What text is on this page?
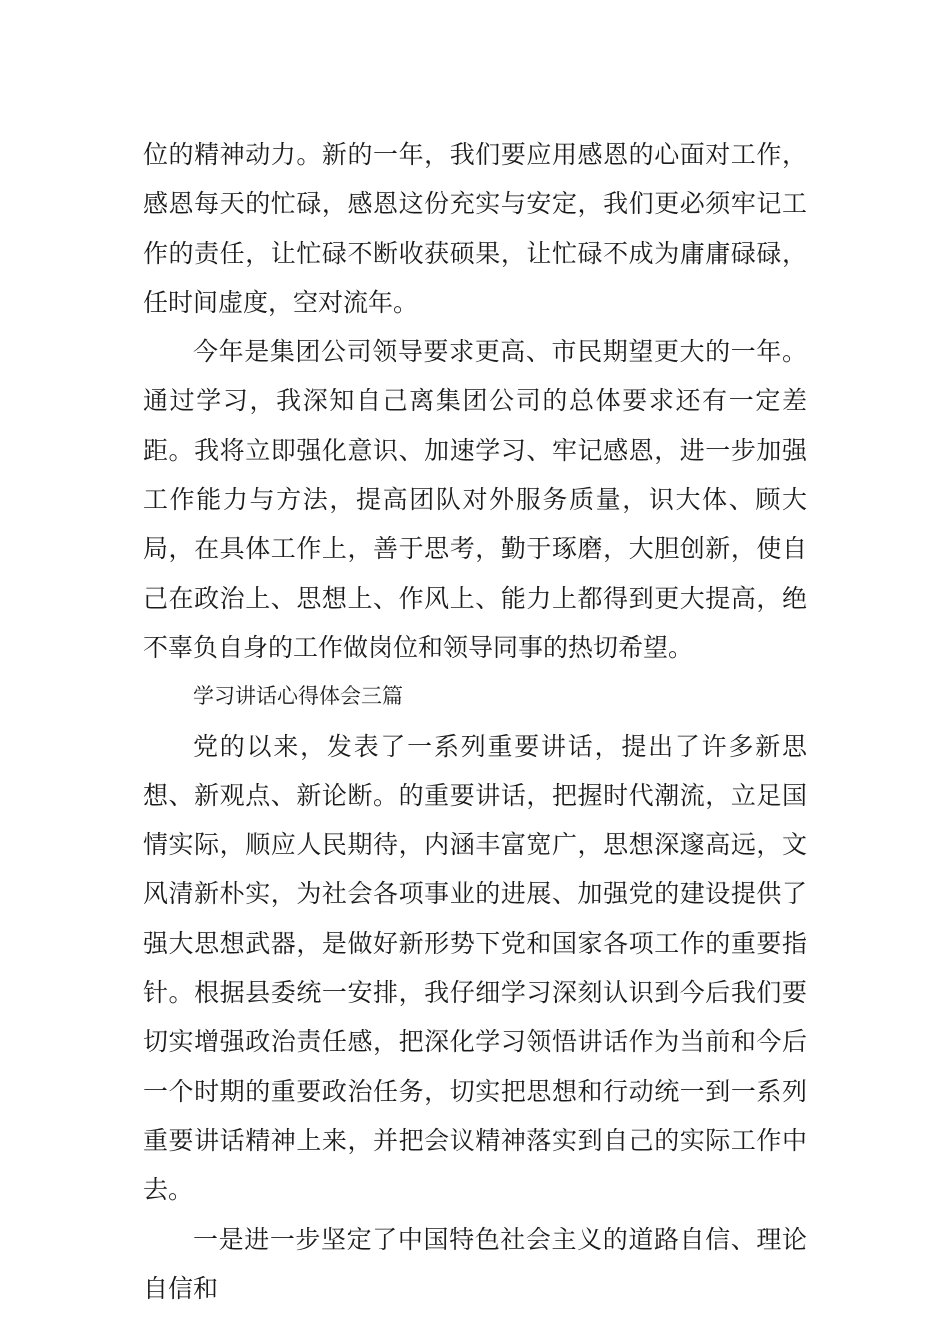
位的精神动力。新的一年，我们要应用感恩的心面对工作，感恩每天的忙碌，感恩这份充实与安定，我们更必须牢记工作的责任，让忙碌不断收获硕果，让忙碌不成为庸庸碌碌，任时间虚度，空对流年。

今年是集团公司领导要求更高、市民期望更大的一年。通过学习，我深知自己离集团公司的总体要求还有一定差距。我将立即强化意识、加速学习、牢记感恩，进一步加强工作能力与方法，提高团队对外服务质量，识大体、顾大局，在具体工作上，善于思考，勤于琢磨，大胆创新，使自己在政治上、思想上、作风上、能力上都得到更大提高，绝不辜负自身的工作做岗位和领导同事的热切希望。

学习讲话心得体会三篇

党的以来，发表了一系列重要讲话，提出了许多新思想、新观点、新论断。的重要讲话，把握时代潮流，立足国情实际，顺应人民期待，内涵丰富宽广，思想深邃高远，文风清新朴实，为社会各项事业的进展、加强党的建设提供了强大思想武器，是做好新形势下党和国家各项工作的重要指针。根据县委统一安排，我仔细学习深刻认识到今后我们要切实增强政治责任感，把深化学习领悟讲话作为当前和今后一个时期的重要政治任务，切实把思想和行动统一到一系列重要讲话精神上来，并把会议精神落实到自己的实际工作中去。

一是进一步坚定了中国特色社会主义的道路自信、理论自信和
